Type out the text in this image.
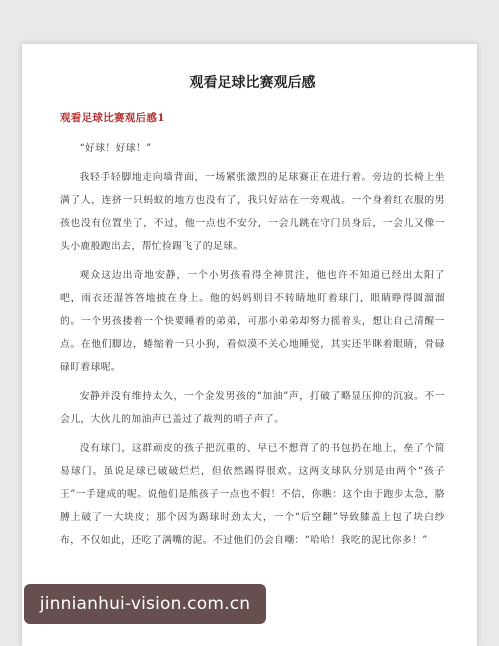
观看足球比赛观后感
观看足球比赛观后感1

“好球！好球！”

我轻手轻脚地走向墙背面，一场紧张激烈的足球赛正在进行着。旁边的长椅上坐满了人，连挤一只蚂蚁的地方也没有了，我只好站在一旁观战。一个身着红衣服的男孩也没有位置坐了，不过，他一点也不安分，一会儿跳在守门员身后，一会儿又像一头小鹿般跑出去，帮忙捡踢飞了的足球。

观众这边出奇地安静，一个小男孩看得全神贯注，他也许不知道已经出太阳了吧，雨衣还湿答答地披在身上。他的妈妈则目不转睛地盯着球门，眼睛睁得圆溜溜的。一个男孩搂着一个快要睡着的弟弟，可那小弟弟却努力摇着头，想让自己清醒一点。在他们脚边，蜷缩着一只小狗，看似漠不关心地睡觉，其实还半眯着眼睛，骨碌碌盯着球呢。

安静并没有维持太久，一个金发男孩的“加油”声，打破了略显压抑的沉寂。不一会儿，大伙儿的加油声已盖过了裁判的哨子声了。

没有球门，这群顽皮的孩子把沉重的、早已不想背了的书包扔在地上，垒了个简易球门。虽说足球已破破烂烂，但依然踢得很欢。这两支球队分别是由两个“孩子王”一手建成的呢。说他们是熊孩子一点也不假！不信，你瞧：这个由于跑步太急，胳膊上破了一大块皮；那个因为踢球时劲太大，一个“后空翻”导致膝盖上包了块白纱布，不仅如此，还吃了满嘴的泥。不过他们仍会自嘲：“哈哈！我吃的泥比你多！”

jinnianhui-vision.com.cn
